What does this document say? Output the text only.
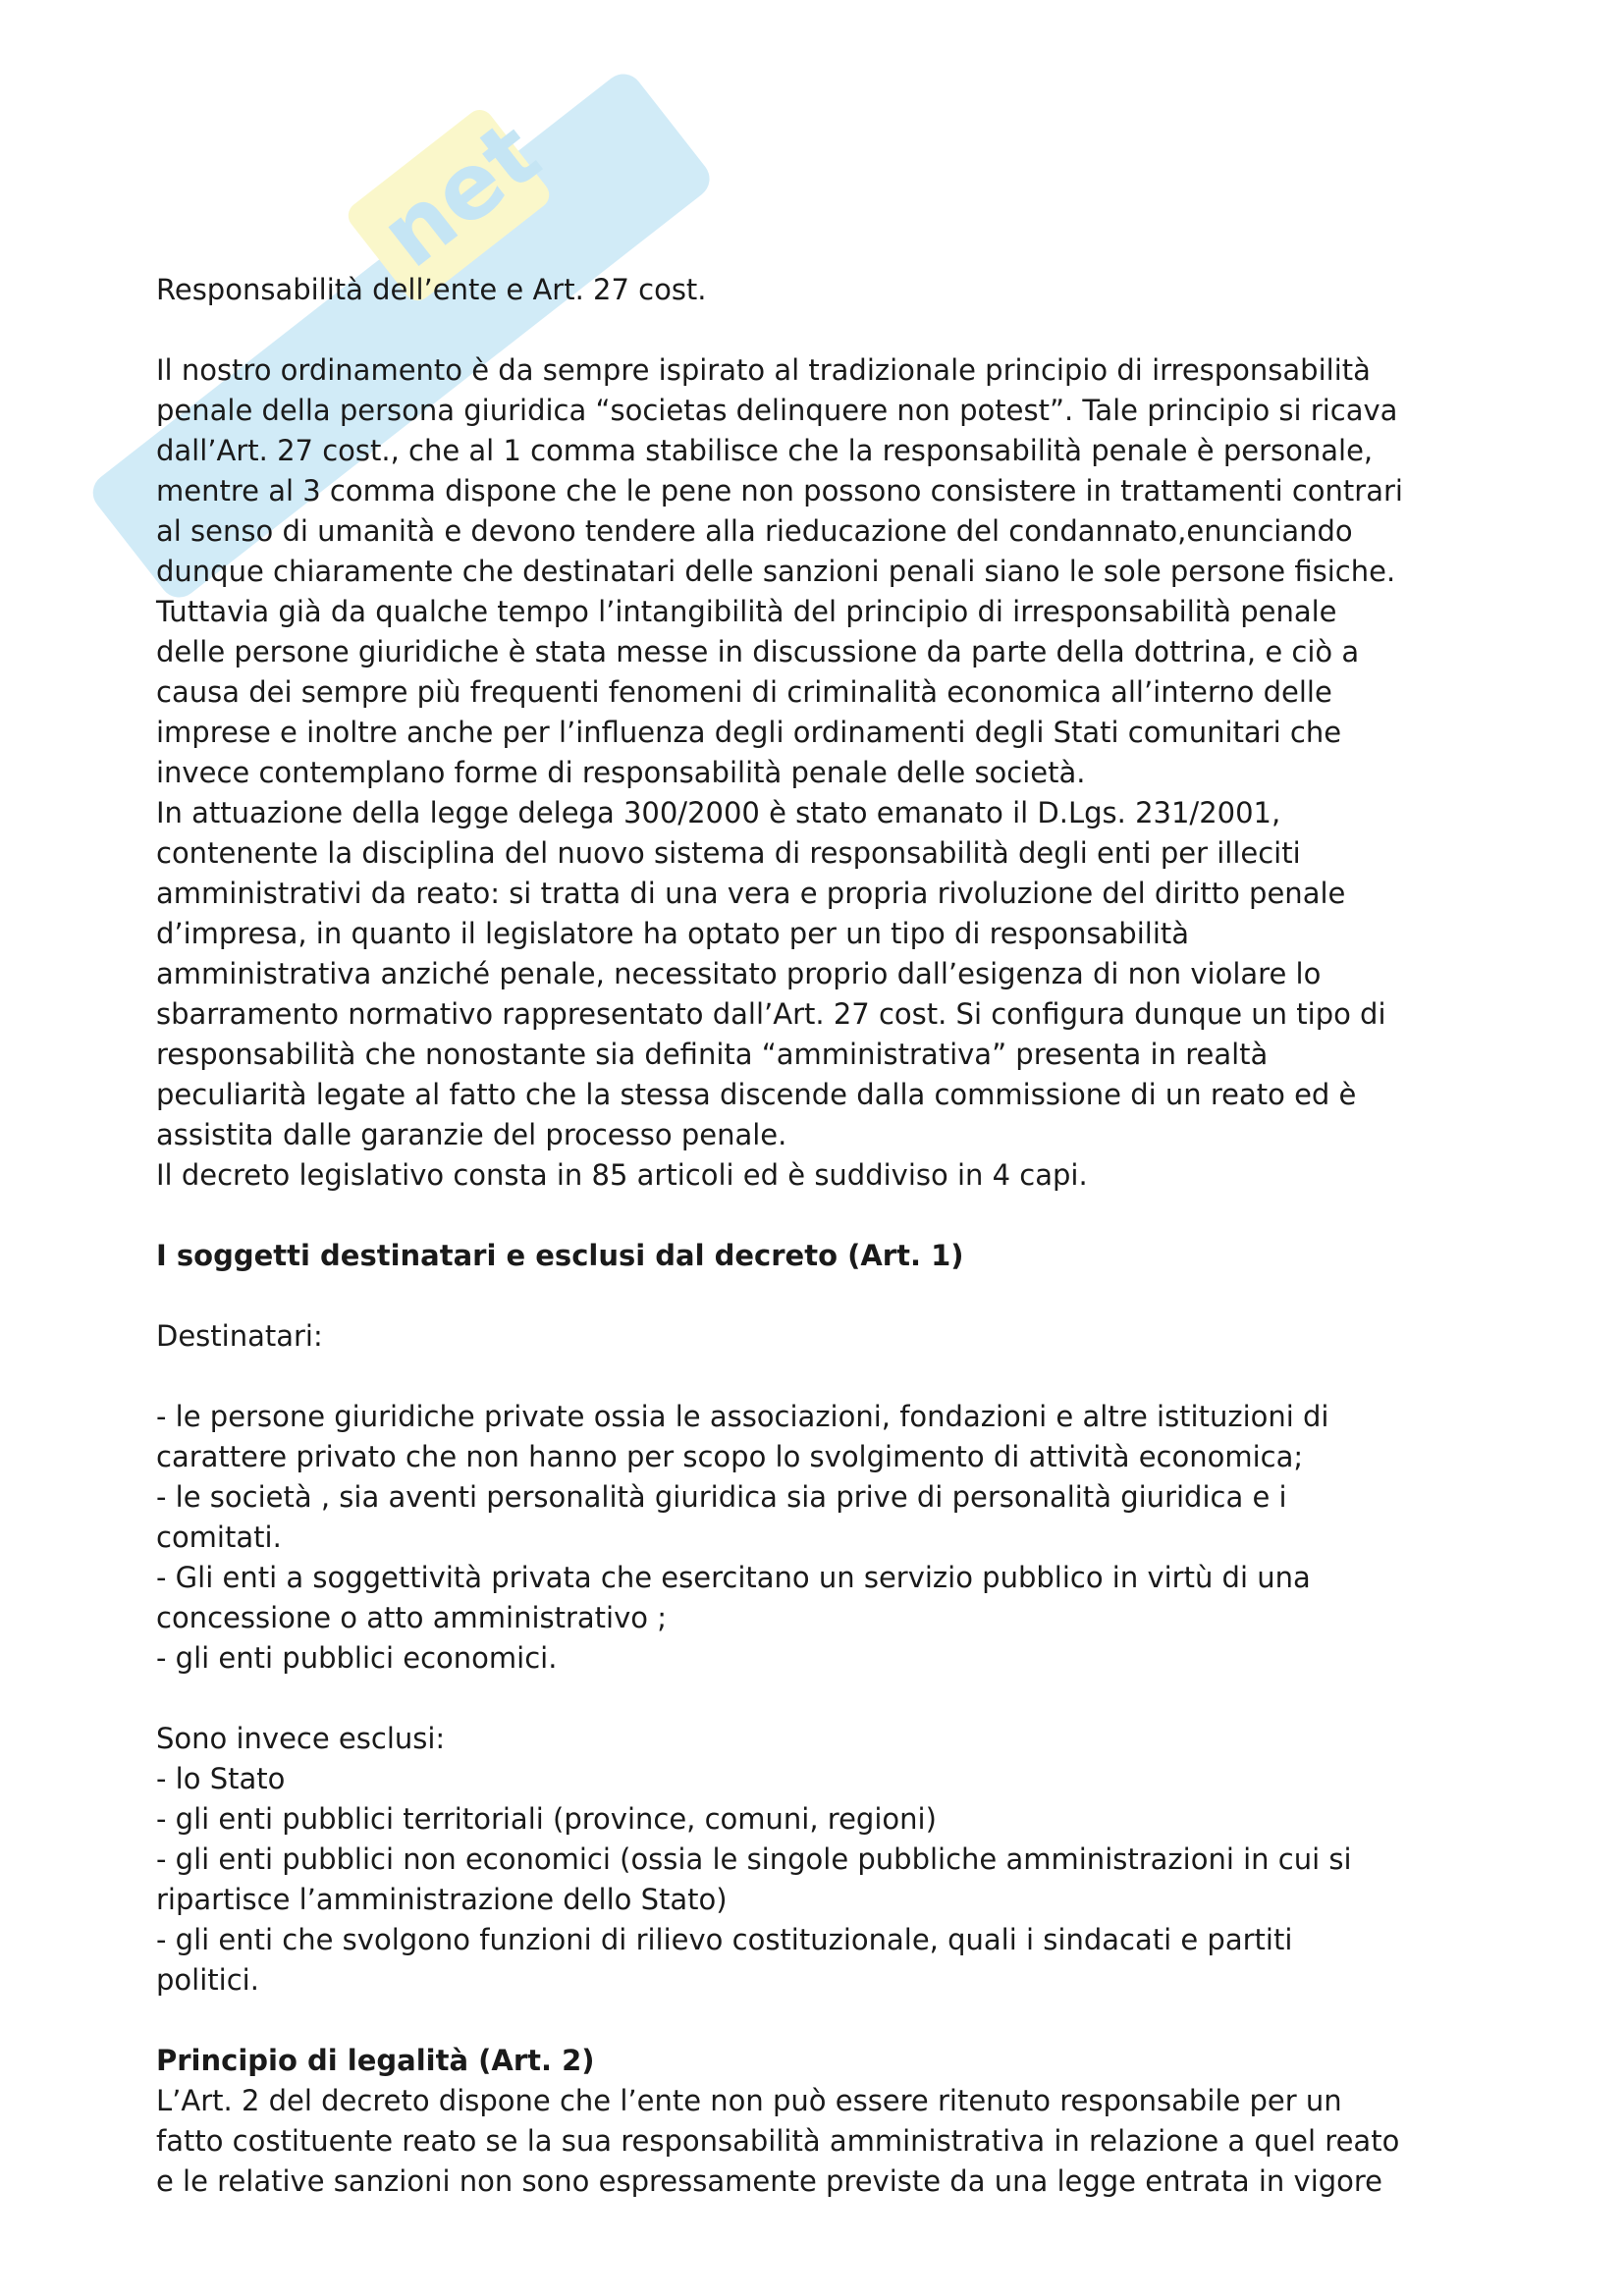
net

Responsabilità dell’ente e Art. 27 cost.

Il nostro ordinamento è da sempre ispirato al tradizionale principio di irresponsabilità

penale della persona giuridica “societas delinquere non potest”. Tale principio si ricava

dall’Art. 27 cost., che al 1 comma stabilisce che la responsabilità penale è personale,

mentre al 3 comma dispone che le pene non possono consistere in trattamenti contrari

al senso di umanità e devono tendere alla rieducazione del condannato,enunciando

dunque chiaramente che destinatari delle sanzioni penali siano le sole persone fisiche.

Tuttavia già da qualche tempo l’intangibilità del principio di irresponsabilità penale

delle persone giuridiche è stata messe in discussione da parte della dottrina, e ciò a

causa dei sempre più frequenti fenomeni di criminalità economica all’interno delle

imprese e inoltre anche per l’influenza degli ordinamenti degli Stati comunitari che

invece contemplano forme di responsabilità penale delle società.

In attuazione della legge delega 300/2000 è stato emanato il D.Lgs. 231/2001,

contenente la disciplina del nuovo sistema di responsabilità degli enti per illeciti

amministrativi da reato: si tratta di una vera e propria rivoluzione del diritto penale

d’impresa, in quanto il legislatore ha optato per un tipo di responsabilità

amministrativa anziché penale, necessitato proprio dall’esigenza di non violare lo

sbarramento normativo rappresentato dall’Art. 27 cost. Si configura dunque un tipo di

responsabilità che nonostante sia definita “amministrativa” presenta in realtà

peculiarità legate al fatto che la stessa discende dalla commissione di un reato ed è

assistita dalle garanzie del processo penale.

Il decreto legislativo consta in 85 articoli ed è suddiviso in 4 capi.

I soggetti destinatari e esclusi dal decreto (Art. 1)

Destinatari:

- le persone giuridiche private ossia le associazioni, fondazioni e altre istituzioni di

carattere privato che non hanno per scopo lo svolgimento di attività economica;

- le società , sia aventi personalità giuridica sia prive di personalità giuridica e i

comitati.

- Gli enti a soggettività privata che esercitano un servizio pubblico in virtù di una

concessione o atto amministrativo ;

- gli enti pubblici economici.

Sono invece esclusi:

- lo Stato

- gli enti pubblici territoriali (province, comuni, regioni)

- gli enti pubblici non economici (ossia le singole pubbliche amministrazioni in cui si

ripartisce l’amministrazione dello Stato)

- gli enti che svolgono funzioni di rilievo costituzionale, quali i sindacati e partiti

politici.

Principio di legalità (Art. 2)

L’Art. 2 del decreto dispone che l’ente non può essere ritenuto responsabile per un

fatto costituente reato se la sua responsabilità amministrativa in relazione a quel reato

e le relative sanzioni non sono espressamente previste da una legge entrata in vigore
